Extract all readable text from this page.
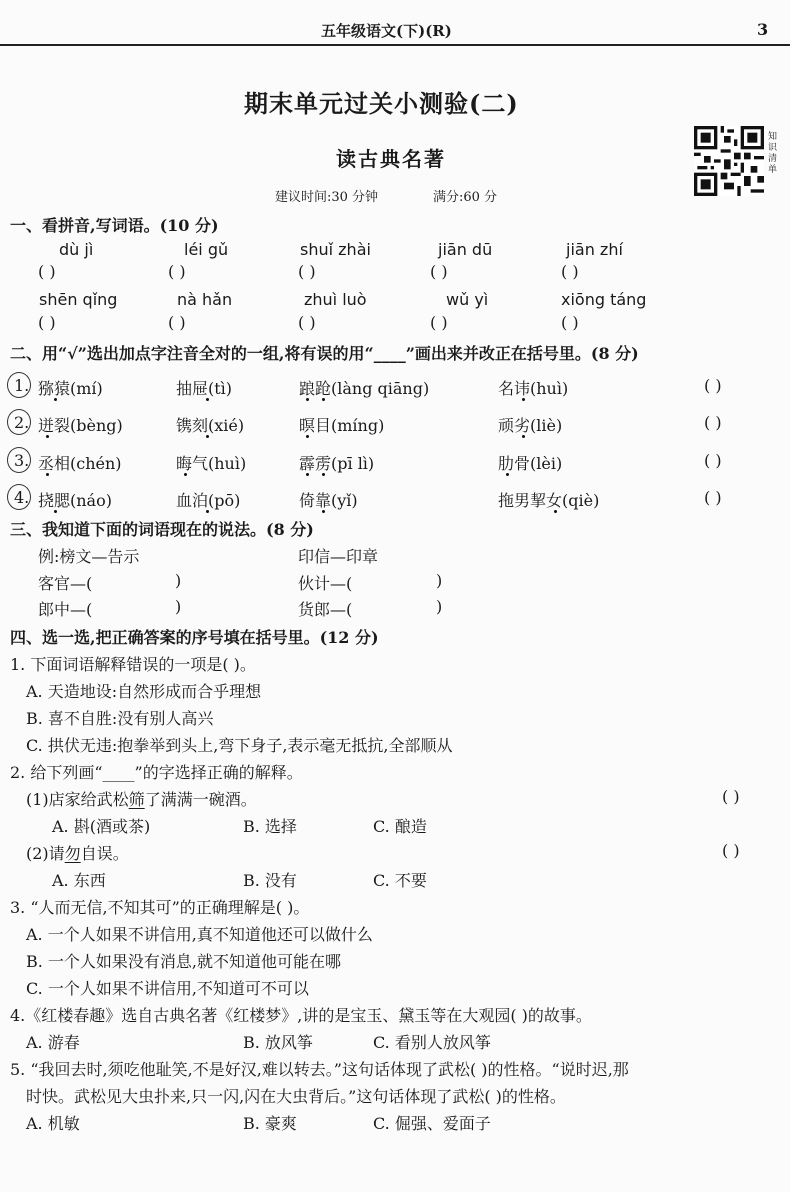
五年级语文(下)(R)	3
期末单元过关小测验(二)
读古典名著
建议时间:30 分钟	满分:60 分
知识清单
一、看拼音,写词语。(10 分)
dù jì	léi gǔ	shuǐ zhài	jiān dū	jiān zhí
( )	( )	( )	( )	( )
shēn qǐng	nà hǎn	zhuì luò	wǔ yì	xiōng táng
( )	( )	( )	( )	( )
二、用“√”选出加点字注音全对的一组,将有误的用“____”画出来并改正在括号里。(8 分)
1. 猕猿(mí)	抽屉(tì)	踉跄(làng qiāng)	名讳(huì)	( )
2. 迸裂(bèng)	镌刻(xié)	暝目(míng)	顽劣(liè)	( )
3. 丞相(chén)	晦气(huì)	霹雳(pī lì)	肋骨(lèi)	( )
4. 挠腮(náo)	血泊(pō)	倚靠(yǐ)	拖男挈女(qiè)	( )
三、我知道下面的词语现在的说法。(8 分)
例:榜文—告示	印信—印章
客官—(	)	伙计—(	)
郎中—(	)	货郎—(	)
四、选一选,把正确答案的序号填在括号里。(12 分)
1. 下面词语解释错误的一项是( )。
A. 天造地设:自然形成而合乎理想
B. 喜不自胜:没有别人高兴
C. 拱伏无违:抱拳举到头上,弯下身子,表示毫无抵抗,全部顺从
2. 给下列画“____”的字选择正确的解释。
(1)店家给武松筛了满满一碗酒。	( )
A. 斟(酒或茶)	B. 选择	C. 酿造
(2)请勿自误。	( )
A. 东西	B. 没有	C. 不要
3. “人而无信,不知其可”的正确理解是( )。
A. 一个人如果不讲信用,真不知道他还可以做什么
B. 一个人如果没有消息,就不知道他可能在哪
C. 一个人如果不讲信用,不知道可不可以
4.《红楼春趣》选自古典名著《红楼梦》,讲的是宝玉、黛玉等在大观园( )的故事。
A. 游春	B. 放风筝	C. 看别人放风筝
5. “我回去时,须吃他耻笑,不是好汉,难以转去。”这句话体现了武松( )的性格。“说时迟,那
时快。武松见大虫扑来,只一闪,闪在大虫背后。”这句话体现了武松( )的性格。
A. 机敏	B. 豪爽	C. 倔强、爱面子
